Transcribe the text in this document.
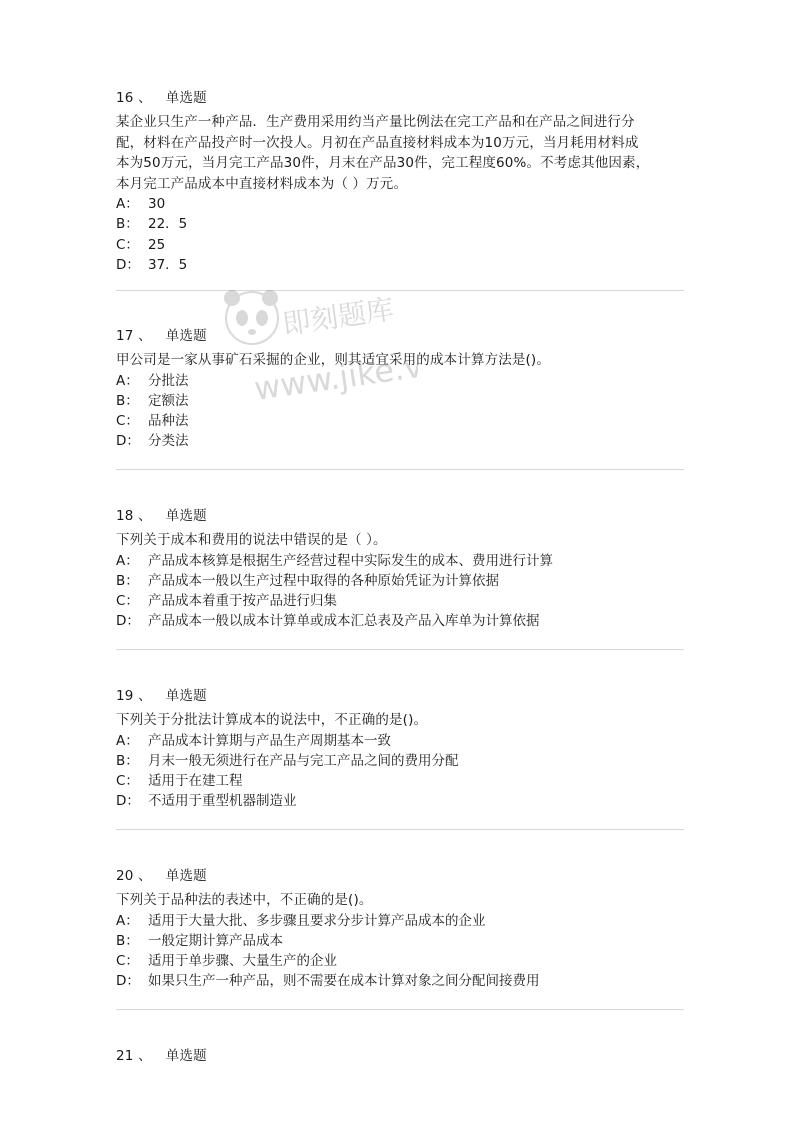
16 、 单选题
某企业只生产一种产品．生产费用采用约当产量比例法在完工产品和在产品之间进行分
配，材料在产品投产时一次投人。月初在产品直接材料成本为10万元，当月耗用材料成
本为50万元，当月完工产品30件，月末在产品30件，完工程度60%。不考虑其他因素，
本月完工产品成本中直接材料成本为（ ）万元。
A： 30
B： 22．5
C： 25
D： 37．5
17 、 单选题
甲公司是一家从事矿石采掘的企业，则其适宜采用的成本计算方法是()。
A： 分批法
B： 定额法
C： 品种法
D： 分类法
18 、 单选题
下列关于成本和费用的说法中错误的是（ ）。
A： 产品成本核算是根据生产经营过程中实际发生的成本、费用进行计算
B： 产品成本一般以生产过程中取得的各种原始凭证为计算依据
C： 产品成本着重于按产品进行归集
D： 产品成本一般以成本计算单或成本汇总表及产品入库单为计算依据
19 、 单选题
下列关于分批法计算成本的说法中，不正确的是()。
A： 产品成本计算期与产品生产周期基本一致
B： 月末一般无须进行在产品与完工产品之间的费用分配
C： 适用于在建工程
D： 不适用于重型机器制造业
20 、 单选题
下列关于品种法的表述中，不正确的是()。
A： 适用于大量大批、多步骤且要求分步计算产品成本的企业
B： 一般定期计算产品成本
C： 适用于单步骤、大量生产的企业
D： 如果只生产一种产品，则不需要在成本计算对象之间分配间接费用
21 、 单选题
即刻题库
www.jike.vip
